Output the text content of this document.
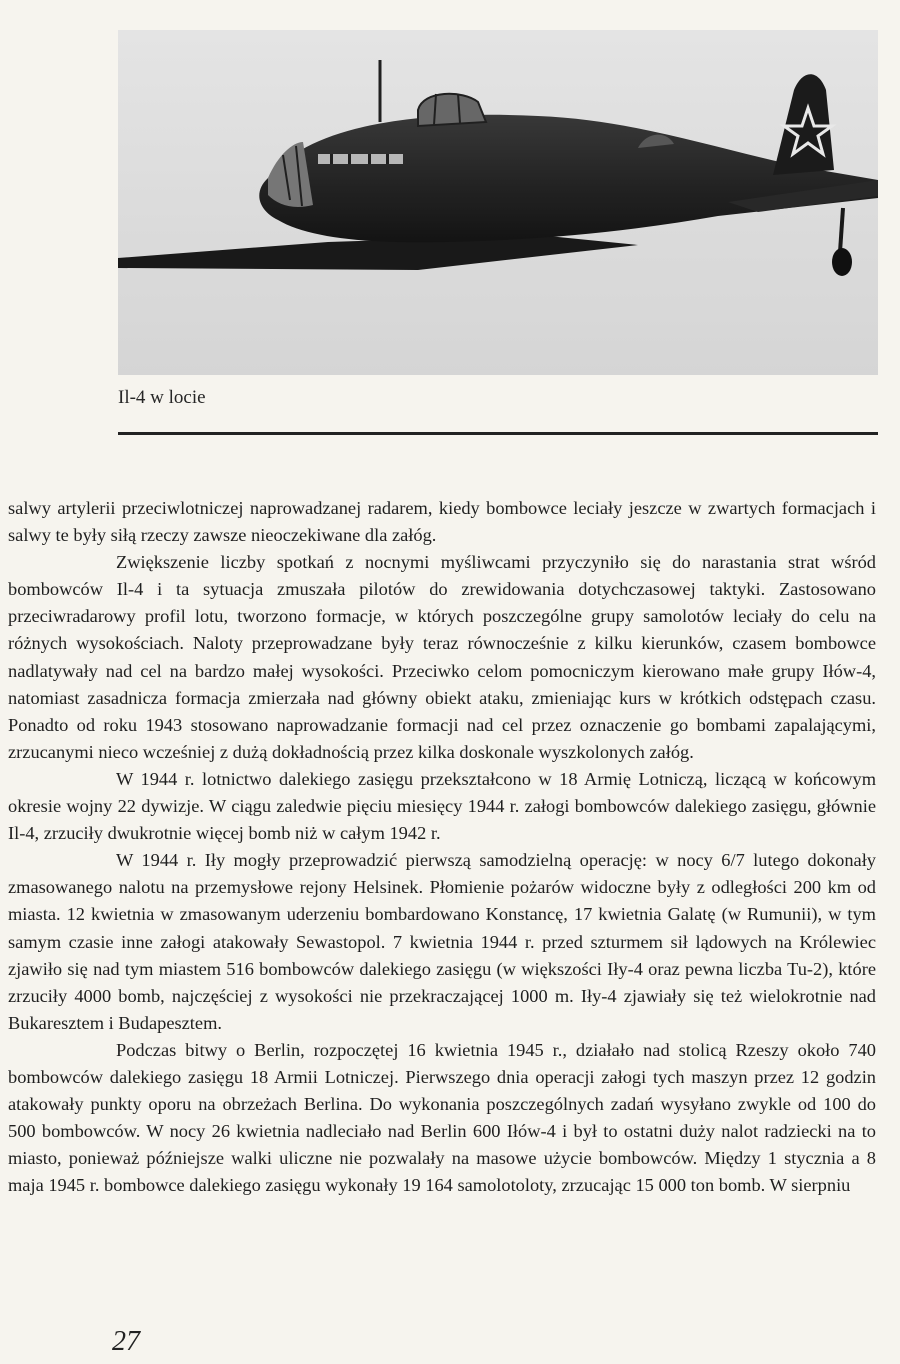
Il-4 w locie

salwy artylerii przeciwlotniczej naprowadzanej radarem, kiedy bombowce leciały jeszcze w zwartych formacjach i salwy te były siłą rzeczy zawsze nieoczekiwane dla załóg.

Zwiększenie liczby spotkań z nocnymi myśliwcami przyczyniło się do narastania strat wśród bombowców Il-4 i ta sytuacja zmuszała pilotów do zrewidowania dotychczasowej taktyki. Zastosowano przeciwradarowy profil lotu, tworzono formacje, w których poszczególne grupy samolotów leciały do celu na różnych wysokościach. Naloty przeprowadzane były teraz równocześnie z kilku kierunków, czasem bombowce nadlatywały nad cel na bardzo małej wysokości. Przeciwko celom pomocniczym kierowano małe grupy Iłów-4, natomiast zasadnicza formacja zmierzała nad główny obiekt ataku, zmieniając kurs w krótkich odstępach czasu. Ponadto od roku 1943 stosowano naprowadzanie formacji nad cel przez oznaczenie go bombami zapalającymi, zrzucanymi nieco wcześniej z dużą dokładnością przez kilka doskonale wyszkolonych załóg.

W 1944 r. lotnictwo dalekiego zasięgu przekształcono w 18 Armię Lotniczą, liczącą w końcowym okresie wojny 22 dywizje. W ciągu zaledwie pięciu miesięcy 1944 r. załogi bombowców dalekiego zasięgu, głównie Il-4, zrzuciły dwukrotnie więcej bomb niż w całym 1942 r.

W 1944 r. Iły mogły przeprowadzić pierwszą samodzielną operację: w nocy 6/7 lutego dokonały zmasowanego nalotu na przemysłowe rejony Helsinek. Płomienie pożarów widoczne były z odległości 200 km od miasta. 12 kwietnia w zmasowanym uderzeniu bombardowano Konstancę, 17 kwietnia Galatę (w Rumunii), w tym samym czasie inne załogi atakowały Sewastopol. 7 kwietnia 1944 r. przed szturmem sił lądowych na Królewiec zjawiło się nad tym miastem 516 bombowców dalekiego zasięgu (w większości Iły-4 oraz pewna liczba Tu-2), które zrzuciły 4000 bomb, najczęściej z wysokości nie przekraczającej 1000 m. Iły-4 zjawiały się też wielokrotnie nad Bukaresztem i Budapesztem.

Podczas bitwy o Berlin, rozpoczętej 16 kwietnia 1945 r., działało nad stolicą Rzeszy około 740 bombowców dalekiego zasięgu 18 Armii Lotniczej. Pierwszego dnia operacji załogi tych maszyn przez 12 godzin atakowały punkty oporu na obrzeżach Berlina. Do wykonania poszczególnych zadań wysyłano zwykle od 100 do 500 bombowców. W nocy 26 kwietnia nadleciało nad Berlin 600 Iłów-4 i był to ostatni duży nalot radziecki na to miasto, ponieważ późniejsze walki uliczne nie pozwalały na masowe użycie bombowców. Między 1 stycznia a 8 maja 1945 r. bombowce dalekiego zasięgu wykonały 19 164 samolotoloty, zrzucając 15 000 ton bomb. W sierpniu

27
